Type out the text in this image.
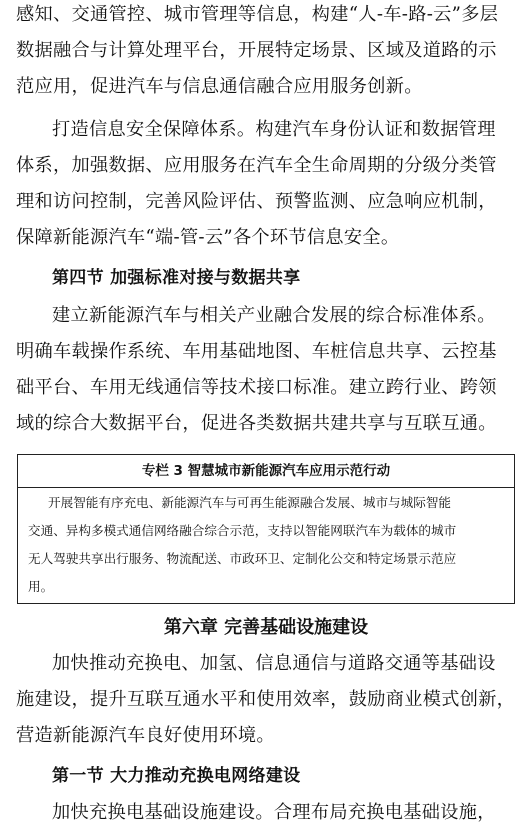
感知、交通管控、城市管理等信息，构建“人-车-路-云”多层
数据融合与计算处理平台，开展特定场景、区域及道路的示
范应用，促进汽车与信息通信融合应用服务创新。
打造信息安全保障体系。构建汽车身份认证和数据管理
体系，加强数据、应用服务在汽车全生命周期的分级分类管
理和访问控制，完善风险评估、预警监测、应急响应机制，
保障新能源汽车“端-管-云”各个环节信息安全。
第四节 加强标准对接与数据共享
建立新能源汽车与相关产业融合发展的综合标准体系。
明确车载操作系统、车用基础地图、车桩信息共享、云控基
础平台、车用无线通信等技术接口标准。建立跨行业、跨领
域的综合大数据平台，促进各类数据共建共享与互联互通。
专栏 3 智慧城市新能源汽车应用示范行动
开展智能有序充电、新能源汽车与可再生能源融合发展、城市与城际智能
交通、异构多模式通信网络融合综合示范，支持以智能网联汽车为载体的城市
无人驾驶共享出行服务、物流配送、市政环卫、定制化公交和特定场景示范应
用。
第六章 完善基础设施建设
加快推动充换电、加氢、信息通信与道路交通等基础设
施建设，提升互联互通水平和使用效率，鼓励商业模式创新，
营造新能源汽车良好使用环境。
第一节 大力推动充换电网络建设
加快充换电基础设施建设。合理布局充换电基础设施，
